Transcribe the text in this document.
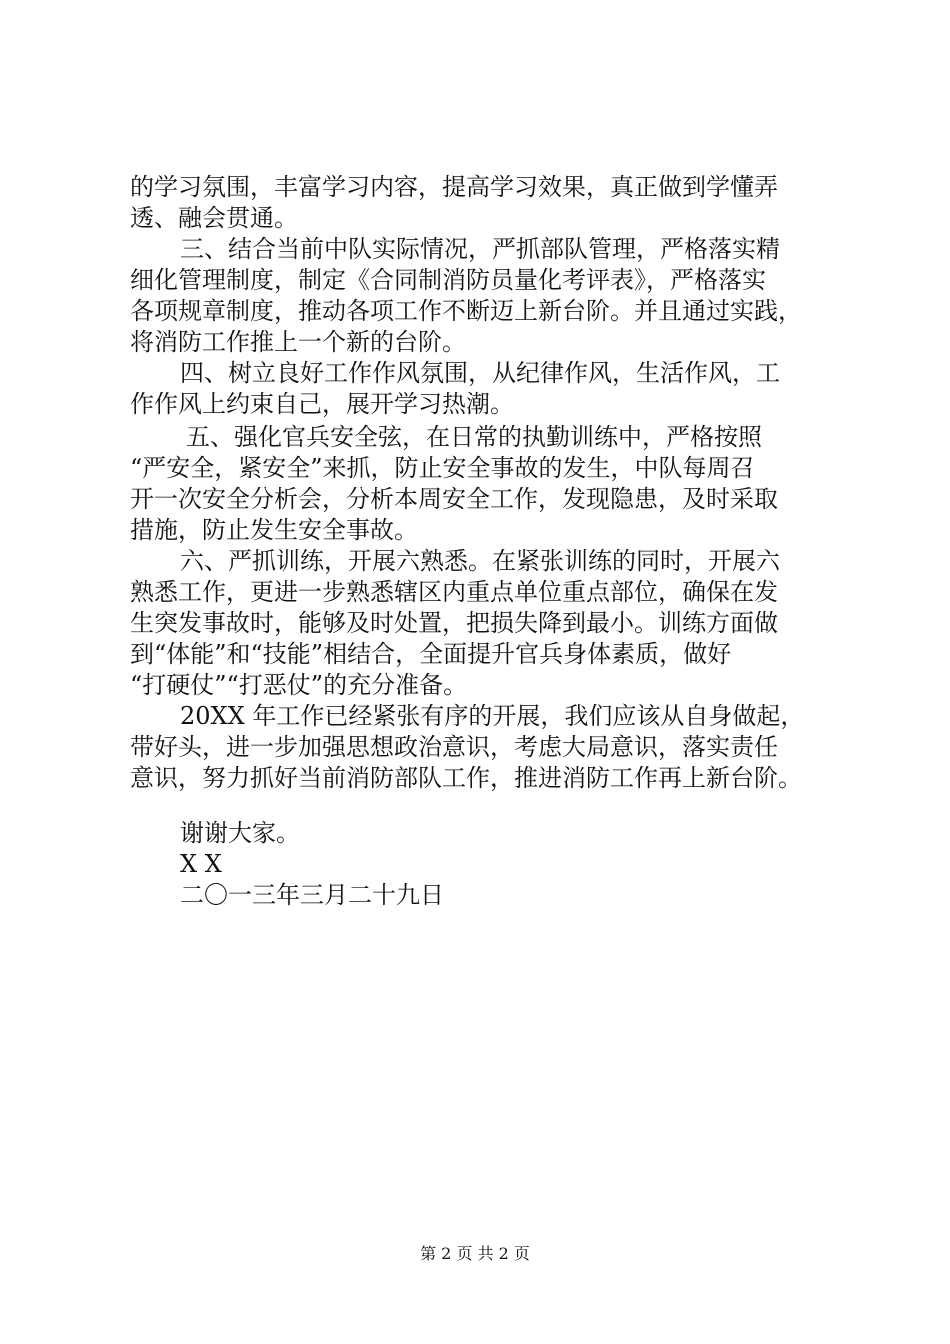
的学习氛围，丰富学习内容，提高学习效果，真正做到学懂弄
透、融会贯通。
三、结合当前中队实际情况，严抓部队管理，严格落实精
细化管理制度，制定《合同制消防员量化考评表》，严格落实
各项规章制度，推动各项工作不断迈上新台阶。并且通过实践，
将消防工作推上一个新的台阶。
四、树立良好工作作风氛围，从纪律作风，生活作风，工
作作风上约束自己，展开学习热潮。
五、强化官兵安全弦，在日常的执勤训练中，严格按照
“严安全，紧安全”来抓，防止安全事故的发生，中队每周召
开一次安全分析会，分析本周安全工作，发现隐患，及时采取
措施，防止发生安全事故。
六、严抓训练，开展六熟悉。在紧张训练的同时，开展六
熟悉工作，更进一步熟悉辖区内重点单位重点部位，确保在发
生突发事故时，能够及时处置，把损失降到最小。训练方面做
到“体能”和“技能”相结合，全面提升官兵身体素质，做好
“打硬仗”“打恶仗”的充分准备。
20XX 年工作已经紧张有序的开展，我们应该从自身做起，
带好头，进一步加强思想政治意识，考虑大局意识，落实责任
意识，努力抓好当前消防部队工作，推进消防工作再上新台阶。
谢谢大家。
X X
二〇一三年三月二十九日
第 2 页 共 2 页
